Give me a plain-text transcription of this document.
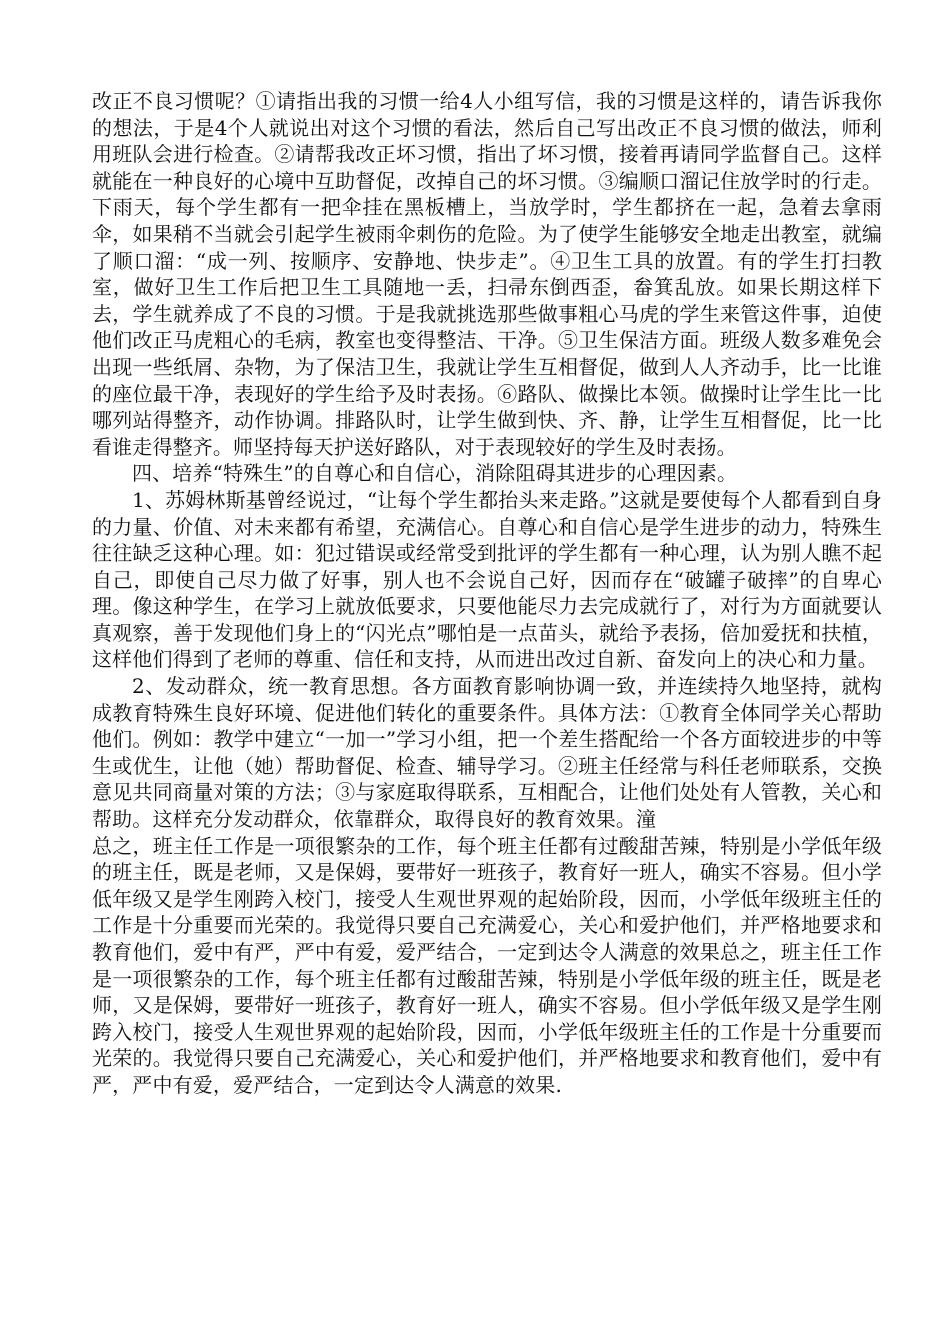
改正不良习惯呢？①请指出我的习惯一给4人小组写信，我的习惯是这样的，请告诉我你的想法，于是4个人就说出对这个习惯的看法，然后自己写出改正不良习惯的做法，师利用班队会进行检查。②请帮我改正坏习惯，指出了坏习惯，接着再请同学监督自己。这样就能在一种良好的心境中互助督促，改掉自己的坏习惯。③编顺口溜记住放学时的行走。下雨天，每个学生都有一把伞挂在黑板槽上，当放学时，学生都挤在一起，急着去拿雨伞，如果稍不当就会引起学生被雨伞刺伤的危险。为了使学生能够安全地走出教室，就编了顺口溜：“成一列、按顺序、安静地、快步走”。④卫生工具的放置。有的学生打扫教室，做好卫生工作后把卫生工具随地一丢，扫帚东倒西歪，畚箕乱放。如果长期这样下去，学生就养成了不良的习惯。于是我就挑选那些做事粗心马虎的学生来管这件事，迫使他们改正马虎粗心的毛病，教室也变得整洁、干净。⑤卫生保洁方面。班级人数多难免会出现一些纸屑、杂物，为了保洁卫生，我就让学生互相督促，做到人人齐动手，比一比谁的座位最干净，表现好的学生给予及时表扬。⑥路队、做操比本领。做操时让学生比一比哪列站得整齐，动作协调。排路队时，让学生做到快、齐、静，让学生互相督促，比一比看谁走得整齐。师坚持每天护送好路队，对于表现较好的学生及时表扬。

四、培养“特殊生”的自尊心和自信心，消除阻碍其进步的心理因素。

1、苏姆林斯基曾经说过，“让每个学生都抬头来走路。”这就是要使每个人都看到自身的力量、价值、对未来都有希望，充满信心。自尊心和自信心是学生进步的动力，特殊生往往缺乏这种心理。如：犯过错误或经常受到批评的学生都有一种心理，认为别人瞧不起自己，即使自己尽力做了好事，别人也不会说自己好，因而存在“破罐子破摔”的自卑心理。像这种学生，在学习上就放低要求，只要他能尽力去完成就行了，对行为方面就要认真观察，善于发现他们身上的“闪光点”哪怕是一点苗头，就给予表扬，倍加爱抚和扶植，这样他们得到了老师的尊重、信任和支持，从而进出改过自新、奋发向上的决心和力量。

2、发动群众，统一教育思想。各方面教育影响协调一致，并连续持久地坚持，就构成教育特殊生良好环境、促进他们转化的重要条件。具体方法：①教育全体同学关心帮助他们。例如：教学中建立“一加一”学习小组，把一个差生搭配给一个各方面较进步的中等生或优生，让他（她）帮助督促、检查、辅导学习。②班主任经常与科任老师联系，交换意见共同商量对策的方法；③与家庭取得联系，互相配合，让他们处处有人管教，关心和帮助。这样充分发动群众，依靠群众，取得良好的教育效果。潼

总之，班主任工作是一项很繁杂的工作，每个班主任都有过酸甜苦辣，特别是小学低年级的班主任，既是老师，又是保姆，要带好一班孩子，教育好一班人，确实不容易。但小学低年级又是学生刚跨入校门，接受人生观世界观的起始阶段，因而，小学低年级班主任的工作是十分重要而光荣的。我觉得只要自己充满爱心，关心和爱护他们，并严格地要求和教育他们，爱中有严，严中有爱，爱严结合，一定到达令人满意的效果总之，班主任工作是一项很繁杂的工作，每个班主任都有过酸甜苦辣，特别是小学低年级的班主任，既是老师，又是保姆，要带好一班孩子，教育好一班人，确实不容易。但小学低年级又是学生刚跨入校门，接受人生观世界观的起始阶段，因而，小学低年级班主任的工作是十分重要而光荣的。我觉得只要自己充满爱心，关心和爱护他们，并严格地要求和教育他们，爱中有严，严中有爱，爱严结合，一定到达令人满意的效果.
